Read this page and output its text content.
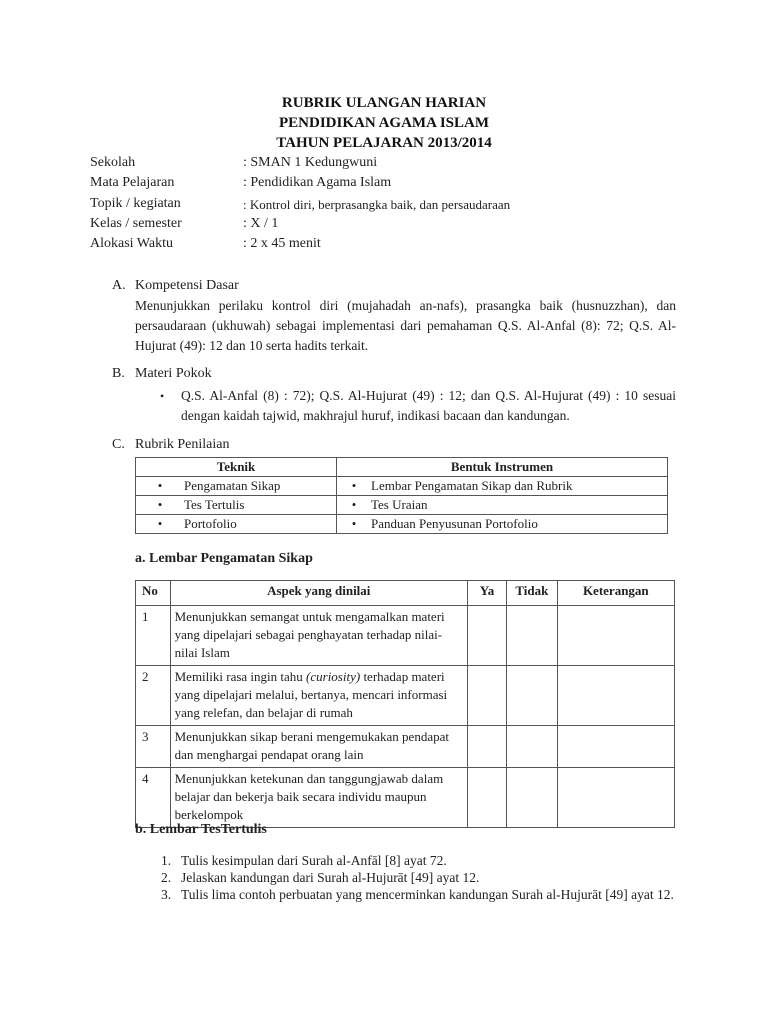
RUBRIK ULANGAN HARIAN
PENDIDIKAN AGAMA ISLAM
TAHUN PELAJARAN 2013/2014
Sekolah	: SMAN 1 Kedungwuni
Mata Pelajaran	: Pendidikan Agama Islam
Topik / kegiatan	: Kontrol diri, berprasangka baik, dan persaudaraan
Kelas / semester	: X / 1
Alokasi Waktu	: 2 x 45 menit
A. Kompetensi Dasar
Menunjukkan perilaku kontrol diri (mujahadah an-nafs), prasangka baik (husnuzzhan), dan persaudaraan (ukhuwah) sebagai implementasi dari pemahaman Q.S. Al-Anfal (8): 72; Q.S. Al-Hujurat (49): 12 dan 10 serta hadits terkait.
B. Materi Pokok
• Q.S. Al-Anfal (8) : 72); Q.S. Al-Hujurat (49) : 12; dan Q.S. Al-Hujurat (49) : 10 sesuai dengan kaidah tajwid, makhrajul huruf, indikasi bacaan dan kandungan.
C. Rubrik Penilaian
Teknik	Bentuk Instrumen
• Pengamatan Sikap	• Lembar Pengamatan Sikap dan Rubrik
• Tes Tertulis	• Tes Uraian
• Portofolio	• Panduan Penyusunan Portofolio
a. Lembar Pengamatan Sikap
No	Aspek yang dinilai	Ya	Tidak	Keterangan
1	Menunjukkan semangat untuk mengamalkan materi yang dipelajari sebagai penghayatan terhadap nilai-nilai Islam			
2	Memiliki rasa ingin tahu (curiosity) terhadap materi yang dipelajari melalui, bertanya, mencari informasi yang relefan, dan belajar di rumah			
3	Menunjukkan sikap berani mengemukakan pendapat dan menghargai pendapat orang lain			
4	Menunjukkan ketekunan dan tanggungjawab dalam belajar dan bekerja baik secara individu maupun berkelompok			
b. Lembar TesTertulis
1. Tulis kesimpulan dari Surah al-Anfāl [8] ayat 72.
2. Jelaskan kandungan dari Surah al-Hujurāt [49] ayat 12.
3. Tulis lima contoh perbuatan yang mencerminkan kandungan Surah al-Hujurāt [49] ayat 12.
